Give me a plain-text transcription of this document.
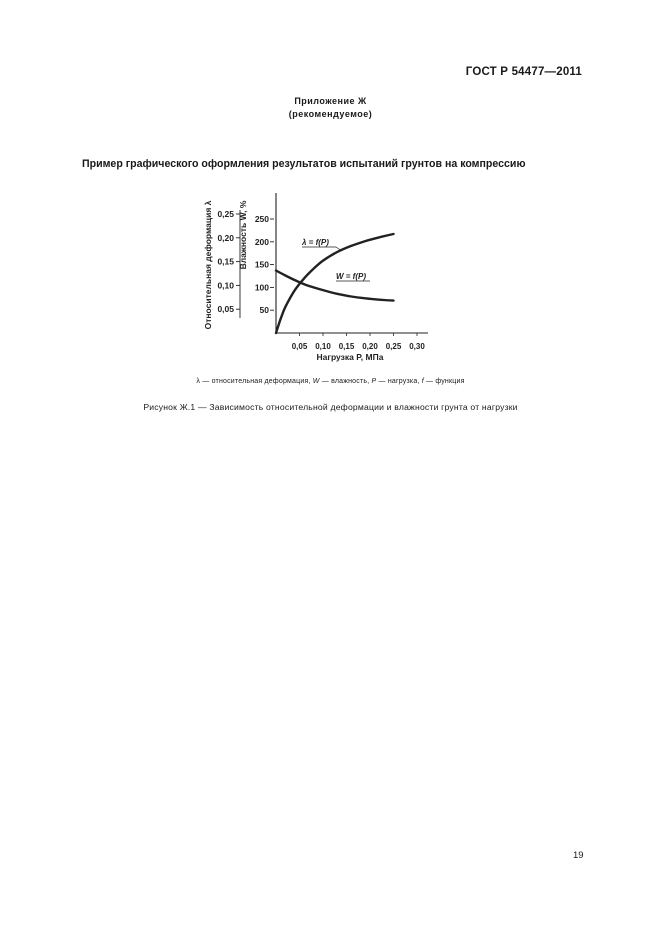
ГОСТ Р 54477—2011
Приложение Ж
(рекомендуемое)
Пример графического оформления результатов испытаний грунтов на компрессию
0,05
0,10
0,15
0,20
0,25
Относительная деформация λ	50
100
150
200
250
Влажность W, %
0,05 0,10 0,15 0,20 0,25 0,30
Нагрузка P, МПа
λ = f(P)
W = f(P)
λ — относительная деформация, W — влажность, P — нагрузка, f — функция
Рисунок Ж.1 — Зависимость относительной деформации и влажности грунта от нагрузки
19
